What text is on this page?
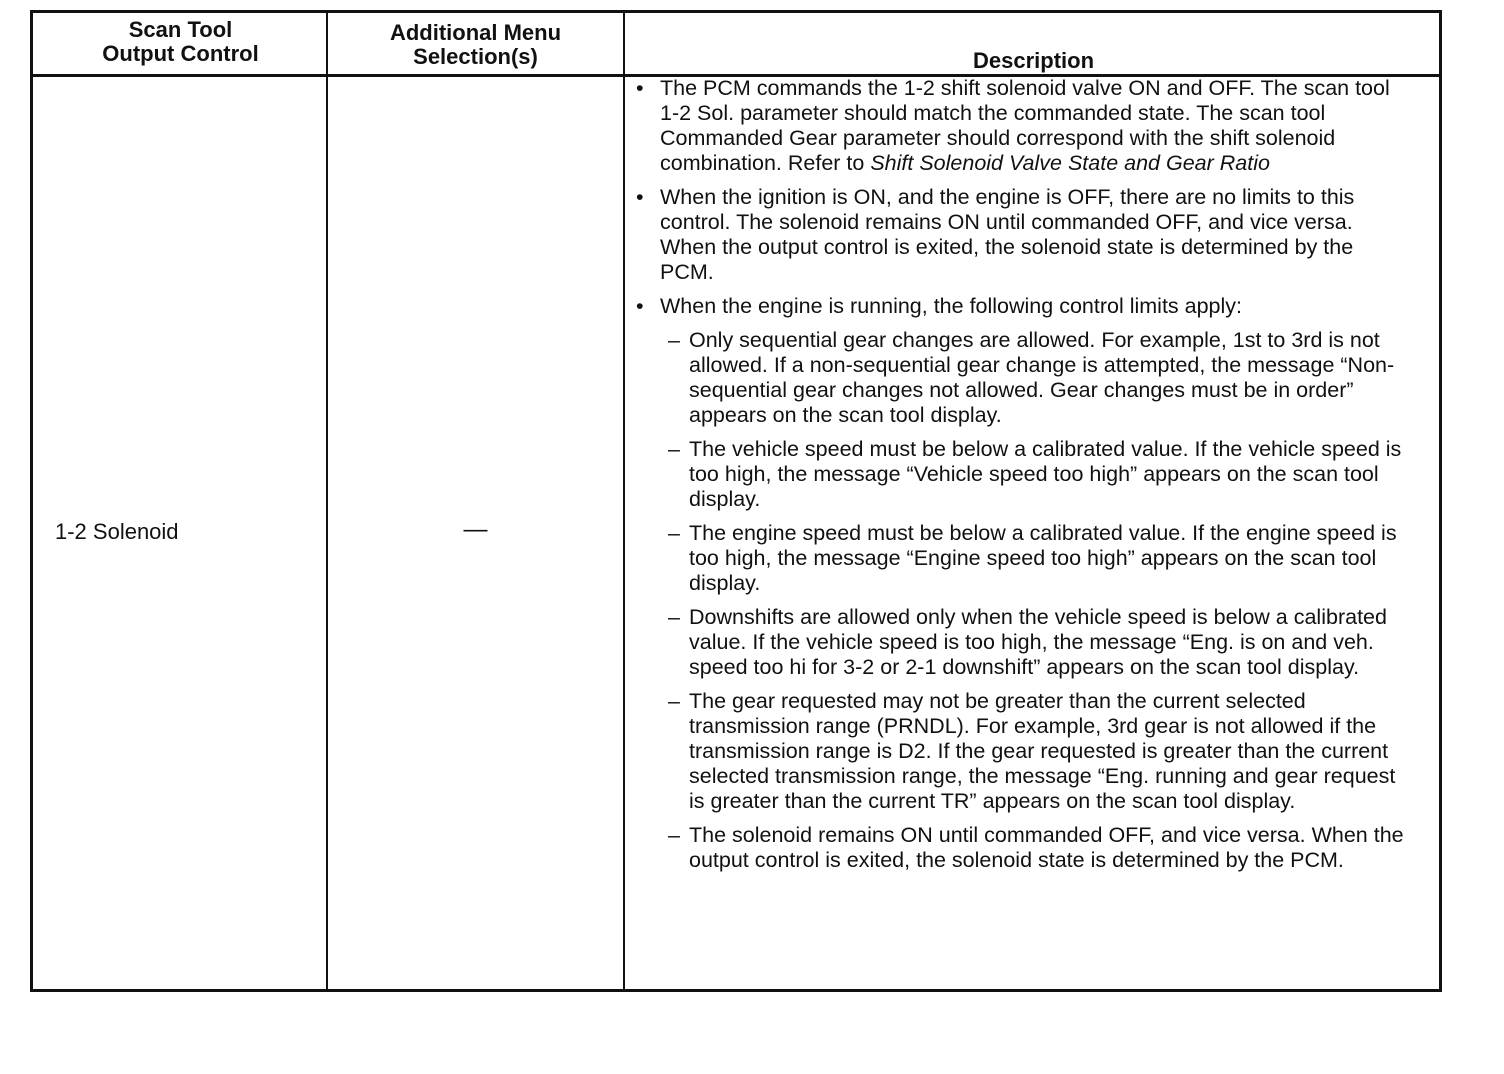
Scan Tool
Output Control
Additional Menu
Selection(s)	Description
1-2 Solenoid	—
• The PCM commands the 1-2 shift solenoid valve ON and OFF. The scan tool 1-2 Sol. parameter should match the commanded state. The scan tool Commanded Gear parameter should correspond with the shift solenoid combination. Refer to Shift Solenoid Valve State and Gear Ratio
• When the ignition is ON, and the engine is OFF, there are no limits to this control. The solenoid remains ON until commanded OFF, and vice versa. When the output control is exited, the solenoid state is determined by the PCM.
• When the engine is running, the following control limits apply:
– Only sequential gear changes are allowed. For example, 1st to 3rd is not allowed. If a non-sequential gear change is attempted, the message “Non-sequential gear changes not allowed. Gear changes must be in order” appears on the scan tool display.
– The vehicle speed must be below a calibrated value. If the vehicle speed is too high, the message “Vehicle speed too high” appears on the scan tool display.
– The engine speed must be below a calibrated value. If the engine speed is too high, the message “Engine speed too high” appears on the scan tool display.
– Downshifts are allowed only when the vehicle speed is below a calibrated value. If the vehicle speed is too high, the message “Eng. is on and veh. speed too hi for 3-2 or 2-1 downshift” appears on the scan tool display.
– The gear requested may not be greater than the current selected transmission range (PRNDL). For example, 3rd gear is not allowed if the transmission range is D2. If the gear requested is greater than the current selected transmission range, the message “Eng. running and gear request is greater than the current TR” appears on the scan tool display.
– The solenoid remains ON until commanded OFF, and vice versa. When the output control is exited, the solenoid state is determined by the PCM.
